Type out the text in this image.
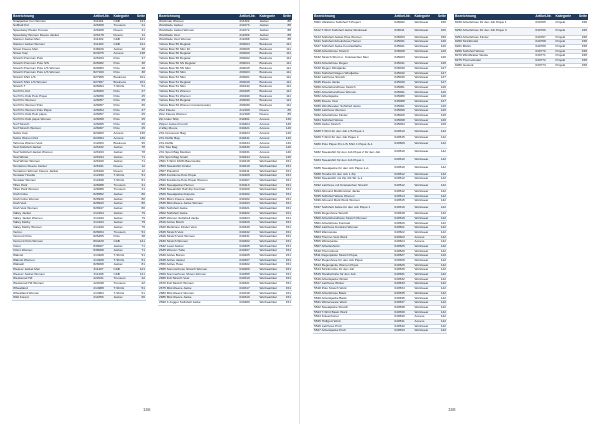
Bezeichnung	Artikel-Nr.	Kategorie	Seite
Snapjacket Iron Women	311401	C&B	121
Softball Kid	226268	Trousers	21
Speedway Pleats Trouser	226268	Fleece	21
Speedway Women Fleece Jacket	226178	Fleece	11
Stanton Jacket Men	311402	C&B	121
Stanton Jacket Women	311403	C&B	121
Street Fleece Men	648226	Jacket	48
Street Cap	824075	Access	138
Stretch Premium Polo	226163	Polo	27
Stretch Premium Polo S/S	826082	Polo	38
Stretch Premium Polo L/S Women	826083	Polo	38
Stretch Premium Polo L/S Women	827160	Polo	38
Stretch Shirt L/S	827965	Business	101
Stretch Shirt L/S Women	827967	Business	101
Stretch T	826094	T-Shirts	51
Surf Pro Kid	226060	Polo	27
Surf Pro Kids Polo Piqué	226059	Polo	25
Surf Pro Women	226057	Polo	25
Surf Pro Women Polo	226057	Polo	25
Surf Pro Women Polo Piqué	226054	Polo	27
Surf Pro Kids Polo piqué	226057	Polo	25
Surf Pro Kids piqué Women	226058	Polo	25
Surf Stretch	226065	Polo	25
Surf Stretch Women	226067	Polo	25
Swiss Cap	824063	Access	136
Swiss Women Kid	824064	Access	136
Tahoma Women Vest	212003	Business	95
Teal Softshell Jacket	226192	Jacket	78
Teal Softshell Jacket Women	226193	Jacket	78
Teal Winter	226194	Jacket	71
Teal Winter Women	226190	Jacket	71
Tenderton Fleece Jacket	226191	Fleece	12
Tenderton Women Fleece Jacket	226190	Fleece	12
Tessaler Hoodie	212499	T-Shirts	51
Tessaler Women	212498	T-Shirts	51
Tillex Park	226088	Trousers	21
Tillex Park Women	226089	Trousers	21
Utah Cobe	828952	Jacket	80
Utah Cobe Women	828949	Jacket	80
Utah Vest	828943	Jacket	80
Utah Vest Women	828947	Jacket	80
Valley Jacket	214194	Jacket	79
Valley Jacket Women	214190	Jacket	79
Valley Melby	214194	Jacket	79
Valley Melby Women	214190	Jacket	79
Vermo	826064	Trousers	51
Vermont Polo	826265	Polo	38
Vermont Polo Women	804429	C&B	121
Victor	838007	Jacket	71
Victor Women	838008	Jacket	71
Walcott	214928	T-Shirts	51
Walcott Women	214928	T-Shirts	51
Wabash	828068	Jacket	81
Weaver Jacket Men	311407	C&B	121
Weaver Jacket Women	311408	C&B	121
Westwood HZ	222041	Trousers	22
Westwood HZ Women	222048	Trousers	22
Wheatland	214988	T-Shirts	51
Wheatland Women	214984	T-Shirts	51
Wild Forest	211059	Jacket	66
Bezeichnung	Artikel-Nr.	Kategorie	Seite
Workman Women	211322	Jacket	88
Worldlede Jacket	211073	Jacket	88
Worldlede Jacket Women	211072	Jacket	88
Worldlede Vest	211069	Jacket	88
Worldlede Vest Women	211098	Jacket	88
Yellow Bow 50 Regular	290024	Business	111
Yellow Bow 50 Slim Fit	290026	Business	111
Yellow Bow 50 Regular	290020	Business	111
Yellow Bow 50 Regular	290022	Business	111
Yellow Bow 50 SS Regular	290014	Business	111
Yellow Bow 50 SS Slim	290015	Business	111
Yellow Bow 50 Slim	290023	Business	111
Yellow Bow 51 Slim	290021	Business	111
Yellow Bow 51 Regular	290019	Business	111
Yellow Bow 51 Slim	290142	Business	111
Yellow Bow 51 Women	290195	Business	111
Yellow Bow 51 Women	290190	Business	111
Yellow Bow 53 Regular	290030	Business	111
Yellow Bow 53 Women Contemporary	290030	Business	111
Zion Fleece	212166	Fleece	85
Zion Fleece Women	212168	Fleece	85
Zip Index Ship	040401	Access	136
Zipper Jacket French	040404	Access	136
2-Way Moore	040421	Access	140
2XL Crossover Bag	040424	Access	140
2XL Duffle Bag	040441	Access	140
2XL Duffle	040434	Access	140
2XL Tote Bag	040430	Access	140
2XL Sport Bag Medium	040431	Access	140
2XL Sport Bag Small	040444	Access	140
2501 T-Shirt 100% Baumwolle	040418	Werbeartikel	151
2503 Sweatshirt Kinder	040419	Werbeartikel	151
2507 Poloshirt	040411	Werbeartikel	151
2509 Funktions-Polo Piqué	040406	Werbeartikel	151
2520 Funktions-Polo Piqué Women	040407	Werbeartikel	151
2521 Sweatjacket Herren	040113	Werbeartikel	151
2528 Sweatshirt Half Zip Kontrast	040109	Werbeartikel	151
2529 Sweatjacket Kapuze	040102	Werbeartikel	151
2531 Micro Fleece Jacke	040102	Werbeartikel	151
2535 Microfleece Jacke Women	040103	Werbeartikel	151
2601 Softshell Jacke	040421	Werbeartikel	151
2602 Softshell Jacke	040422	Werbeartikel	151
2605 Women Softshell Jacke	040423	Werbeartikel	151
2616 Active Bomb	040426	Werbeartikel	151
2620 Multizone Kinder Vest	040436	Werbeartikel	151
2625 Stretch Vest	040442	Werbeartikel	151
2626 Stretch Vest Women	040431	Werbeartikel	151
2630 Stretch Women	040402	Werbeartikel	151
2632 Lead Jacket	040405	Werbeartikel	151
2635 Women Tulla	040407	Werbeartikel	151
2640 Active Bonus	040405	Werbeartikel	151
2645 Active Jacket	040407	Werbeartikel	151
2650 Active Hose	040402	Werbeartikel	151
2655 Sommerhose Stretch Women	040406	Werbeartikel	151
2660 Sommerhose Shoes Women	040355	Werbeartikel	151
2665 Full Stretch Vest	040319	Werbeartikel	151
2670 Full Stretch Women	040321	Werbeartikel	151
2675 Microfleece Jacke	040317	Werbeartikel	151
2680 Microfleece Women	040318	Werbeartikel	151
2685 Microfleece Jacke	040319	Werbeartikel	151
2690 4-Jogger Softshell Jacke	040480	Werbeartikel	151
Bezeichnung	Artikel-Nr.	Kategorie	Seite
5001 Ultraleine Softshell T-Project	045002	Workwear	150
5412 T-Shirt Softshell Jacke Workwear	045011	Workwear	150
5413 Softshell Jacket Plus Women	045003	Workwear	150
5421 Softshell Arbeitshose Herren	045031	Workwear	126
5427 Softshell Jacke Kontrastfarbe	045021	Workwear	126
5428 Arbeitshose Stretch	045028	Workwear	126
5432 Stretch Short m. Knietaschen Men	045023	Workwear	126
5434 Arbeitshose Regen	045041	Workwear	126
5440 Regen Windjacke	045040	Workwear	127
5441 Softshell Regen Windjacke	045042	Workwear	127
5442 Latzhose Stretch	045040	Workwear	127
5445 Fleece Jacke	045040	Workwear	127
5450 Arbeitsbundhose Stretch	045081	Workwear	126
5451 Arbeitsbundhose Women	045091	Workwear	126
5452 Arbeitsjacke	045080	Workwear	126
5455 Fleece Vest	045088	Workwear	127
5456 Windbreaker Softshell Jacke	045091	Workwear	126
5460 Latzhose Women	045099	Workwear	126
5462 Arbeitshose Kinder	045029	Workwear	126
5464 Softshell Weste	045098	Workwear	126
5466 Jacke Stretch	045094	Workwear	126
5468 T-Shirt für den Job L/S Piqué 1	040510	Workwear	142
5469 T-Shirt für den Job Piqué 2	040515	Workwear	142
5480 Polo Piqué Pro L/S Shirt 1 Piqué 3+1	040509	Workwear	142
5482 Sweatshirt für den Job Piqué 2 für den Job	040510	Workwear	142
5484 Sweatshirt für den Job Piqué 1	040510	Workwear	142
5486 Sweatjacke für den Job Piqué 1+1	040510	Workwear	142
5488 Hoodie für den Job 1 Zip	040512	Workwear	142
5490 Sweatshirt mit Zip 3/4 SK 1+1	040512	Workwear	142
5492 Latzhose mit Knietaschen Stretch	040512	Workwear	142
5494 Allround Multifunction Jacke	040512	Workwear	142
5495 Softshell Weste Women	040514	Workwear	142
5496 Allround Multi Work Women	040515	Workwear	142
5497 Softshell Jacke für den Job Piqué 1	040516	Workwear	142
5499 Regenhose Stretch	040518	Workwear	142
5500 Arbeitsbundhose Stretch Women	040519	Workwear	142
5501 Arbeitshose Kontrast	040520	Workwear	142
5502 Latzhose Kontrast Women	040521	Workwear	142
5503 Warnweste	040522	Workwear	142
5504 Thermo Vest Work	040523	Access	142
5505 Winterjacke	040524	Access	142
5507 Arbeitsshorts	040525	Workwear	142
5510 Thermoboot	040526	Workwear	142
5511 Regenjacke Stretch Piqué	040527	Workwear	142
5512 Regenhose für den Job Piqué	040528	Workwear	142
5513 Regenjacke Women Piqué	040529	Workwear	142
5514 Strickmütze für den Job	040530	Workwear	142
5515 Handschuhe für den Job	040531	Workwear	142
5516 Arbeitsjacke Winter	040532	Workwear	142
5517 Latzhose Winter	040533	Workwear	142
5518 Polo Stretch Work	040534	Workwear	142
5519 Arbeitshose Basic	040535	Workwear	142
5520 Arbeitsjacke Basic	040536	Workwear	142
5521 Winterweste Work	040537	Workwear	142
5522 Sweatjacke Stretch	040538	Workwear	142
5523 T-Shirt Basic Work	040539	Workwear	142
5524 Knieschoner	040540	Access	142
5525 Hüftgurt Work	040541	Access	142
5526 Latzhose Profi	040542	Workwear	142
5527 Arbeitsjacke Profi	040543	Workwear	142
Bezeichnung	Artikel-Nr.	Kategorie	Seite
8230 Arbeitshose für den Job Piqué 1	040765	Projekt	158
8250 Arbeitshose für den Job Piqué 3	040766	Projekt	158
8254 Arbeitshose Kinder	040767	Projekt	158
8260 Strickbuttel	040768	Projekt	158
8261 Mütze	040769	Projekt	158
8266 Softshell Weste	040770	Projekt	158
8270 Windbraker Weste	040771	Projekt	158
8275 Thermobuttel	040772	Projekt	158
8280 Gewerk	040773	Projekt	158
156	158
